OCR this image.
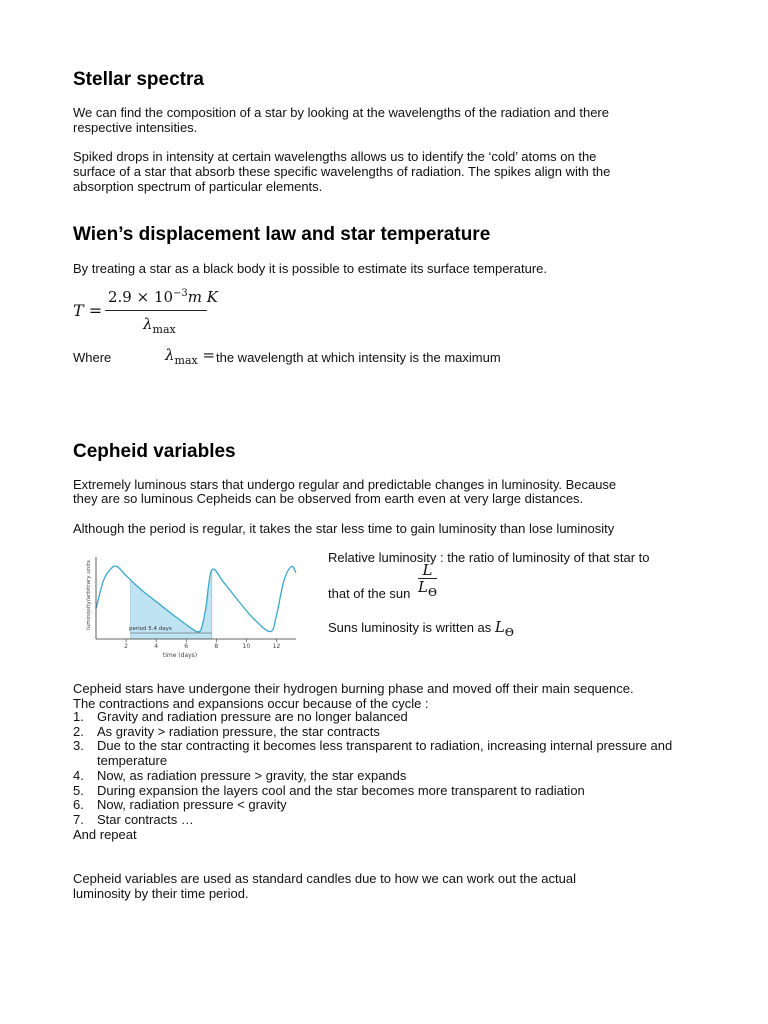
Stellar spectra

We can find the composition of a star by looking at the wavelengths of the radiation and there

respective intensities.

Spiked drops in intensity at certain wavelengths allows us to identify the ‘cold’ atoms on the

surface of a star that absorb these specific wavelengths of radiation. The spikes align with the

absorption spectrum of particular elements.

Wien’s displacement law and star temperature

By treating a star as a black body it is possible to estimate its surface temperature.

T =
$2.9 \times 10^{-3}m$ K
$\lambda_{max}$

Where	$\lambda_{max}$ = the wavelength at which intensity is the maximum

Cepheid variables

Extremely luminous stars that undergo regular and predictable changes in luminosity. Because

they are so luminous Cepheids can be observed from earth even at very large distances.

Although the period is regular, it takes the star less time to gain luminosity than lose luminosity

luminosity/arbitrary units
2	4	6	8	10	12
time (days)
period 5.4 days
Relative luminosity : the ratio of luminosity of that star to
that of the sun $\frac{L}{L_\Theta}$
Suns luminosity is written as $L_\Theta$

Cepheid stars have undergone their hydrogen burning phase and moved off their main sequence.

The contractions and expansions occur because of the cycle :

1. Gravity and radiation pressure are no longer balanced
2. As gravity > radiation pressure, the star contracts
3. Due to the star contracting it becomes less transparent to radiation, increasing internal pressure and temperature
4. Now, as radiation pressure > gravity, the star expands
5. During expansion the layers cool and the star becomes more transparent to radiation
6. Now, radiation pressure < gravity
7. Star contracts …

And repeat

Cepheid variables are used as standard candles due to how we can work out the actual

luminosity by their time period.
